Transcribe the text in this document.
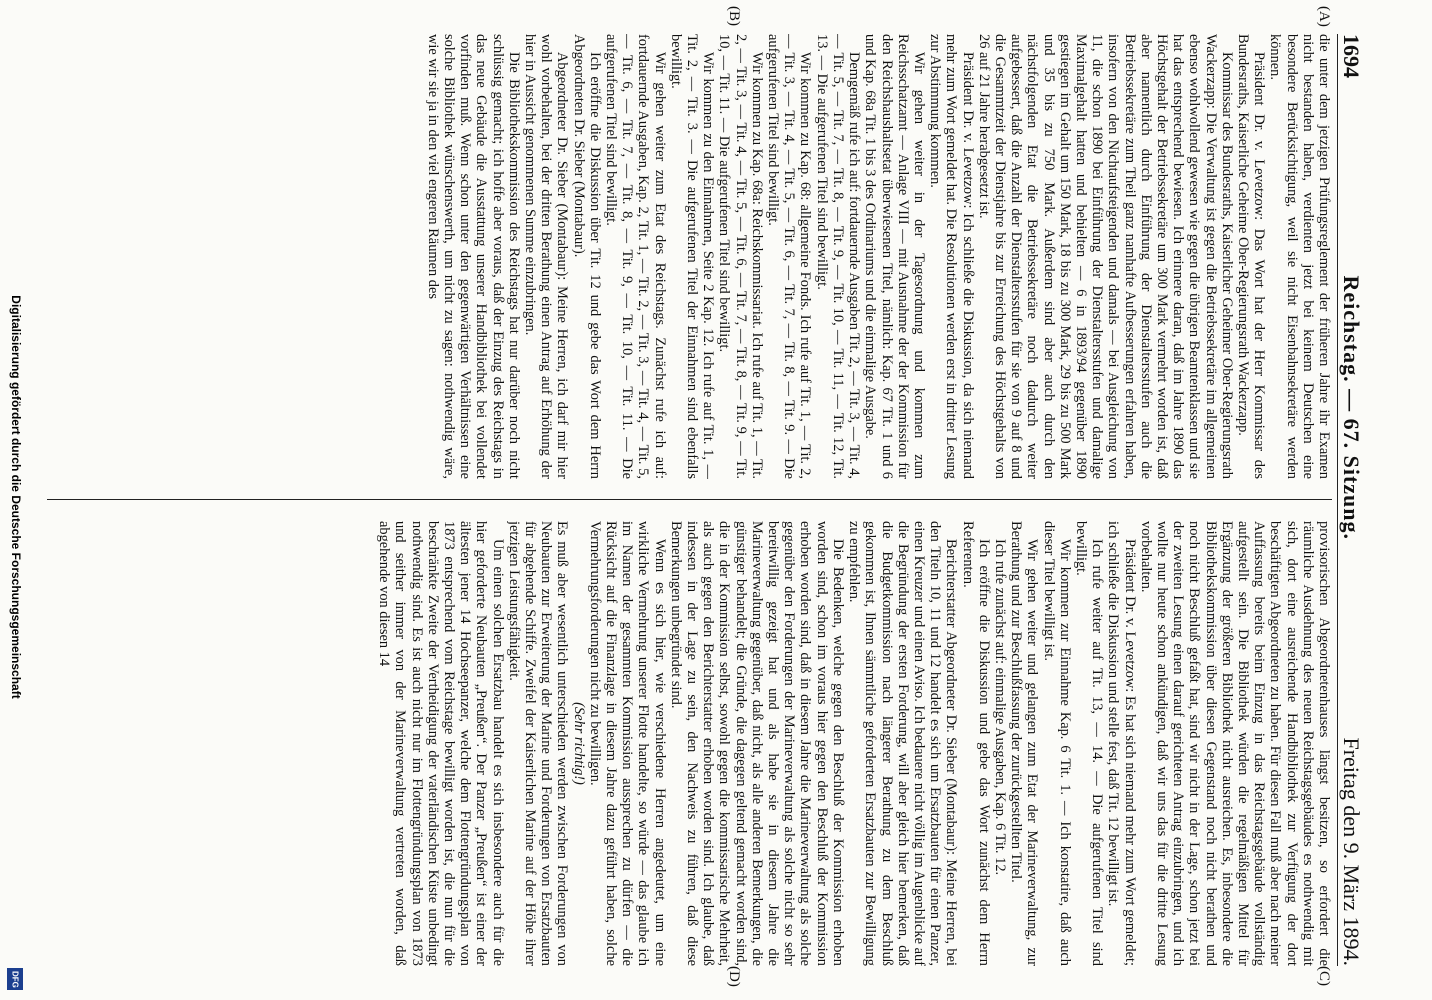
1694
Reichstag. — 67. Sitzung.
Freitag den 9. März 1894.
(A)
(B)
(C)
(D)

die unter dem jetzigen Prüfungsreglement der früheren Jahre ihr Examen nicht bestanden haben, verdienten jetzt bei keinem Deutschen eine besondere Berücksichtigung, weil sie nicht Eisenbahnsekretäre werden können.

Präsident Dr. v. Levetzow: Das Wort hat der Herr Kommissar des Bundesraths, Kaiserliche Geheime Ober-Regierungsrath Wackerzapp.

Kommissar des Bundesraths, Kaiserlicher Geheimer Ober-Regierungsrath Wackerzapp: Die Verwaltung ist gegen die Betriebssekretäre im allgemeinen ebenso wohlwollend gewesen wie gegen die übrigen Beamtenklassen und sie hat das entsprechend bewiesen. Ich erinnere daran, daß im Jahre 1890 das Höchstgehalt der Betriebssekretäre um 300 Mark vermehrt worden ist, daß aber namentlich durch Einführung der Dienstaltersstufen auch die Betriebssekretäre zum Theil ganz namhafte Aufbesserungen erfahren haben, insofern von den Nichtaufsteigenden und damals — bei Ausgleichung von 11, die schon 1890 bei Einführung der Dienstaltersstufen und damalige Maximalgehalt hatten und behielten — 6 in 1893/94 gegenüber 1890 gestiegen im Gehalt um 150 Mark, 18 bis zu 300 Mark, 29 bis zu 500 Mark und 35 bis zu 750 Mark. Außerdem sind aber auch durch den nächstfolgenden Etat die Betriebssekretäre noch dadurch weiter aufgebessert, daß die Anzahl der Dienstaltersstufen für sie von 9 auf 8 und die Gesammtzeit der Dienstjahre bis zur Erreichung des Höchstgehalts von 26 auf 21 Jahre herabgesetzt ist.

Präsident Dr. v. Levetzow: Ich schließe die Diskussion, da sich niemand mehr zum Wort gemeldet hat. Die Resolutionen werden erst in dritter Lesung zur Abstimmung kommen.

Wir gehen weiter in der Tagesordnung und kommen zum Reichsschatzamt — Anlage VIII — mit Ausnahme der der Kommission für den Reichshaushaltsetat überwiesenen Titel, nämlich: Kap. 67 Tit. 1 und 6 und Kap. 68a Tit. 1 bis 3 des Ordinariums und die einmalige Ausgabe.

Demgemäß rufe ich auf: fortdauernde Ausgaben Tit. 2, — Tit. 3, — Tit. 4, — Tit. 5, — Tit. 7, — Tit. 8, — Tit. 9, — Tit. 10, — Tit. 11, — Tit. 12, Tit. 13. — Die aufgerufenen Titel sind bewilligt.

Wir kommen zu Kap. 68: allgemeine Fonds. Ich rufe auf Tit. 1, — Tit. 2, — Tit. 3, — Tit. 4, — Tit. 5, — Tit. 6, — Tit. 7, — Tit. 8, — Tit. 9. — Die aufgerufenen Titel sind bewilligt.

Wir kommen zu Kap. 68a: Reichskommissariat. Ich rufe auf Tit. 1, — Tit. 2, — Tit. 3, — Tit. 4, — Tit. 5, — Tit. 6, — Tit. 7, — Tit. 8, — Tit. 9, — Tit. 10, — Tit. 11. — Die aufgerufenen Titel sind bewilligt.

Wir kommen zu den Einnahmen, Seite 2 Kap. 12. Ich rufe auf Tit. 1, — Tit. 2, — Tit. 3. — Die aufgerufenen Titel der Einnahmen sind ebenfalls bewilligt.

Wir gehen weiter zum Etat des Reichstags. Zunächst rufe ich auf: fortdauernde Ausgaben, Kap. 2, Tit. 1, — Tit. 2, — Tit. 3, — Tit. 4, — Tit. 5, — Tit. 6, — Tit. 7, — Tit. 8, — Tit. 9, — Tit. 10, — Tit. 11. — Die aufgerufenen Titel sind bewilligt.

Ich eröffne die Diskussion über Tit. 12 und gebe das Wort dem Herrn Abgeordneten Dr. Sieber (Montabaur).

Abgeordneter Dr. Sieber (Montabaur): Meine Herren, ich darf mir hier wohl vorbehalten, bei der dritten Berathung einen Antrag auf Erhöhung der hier in Aussicht genommenen Summe einzubringen.

Die Bibliothekskommission des Reichstags hat nur darüber noch nicht schlüssig gemacht; ich hoffe aber voraus, daß der Einzug des Reichstags in das neue Gebäude die Ausstattung unserer Handbibliothek bei vollendet vorfinden muß. Wenn schon unter den gegenwärtigen Verhältnissen eine solche Bibliothek wünschenswerth, um nicht zu sagen: nothwendig wäre, wie wir sie ja in den viel engeren Räumen des

provisorischen Abgeordnetenhauses längst besitzen, so erfordert die räumliche Ausdehnung des neuen Reichstagsgebäudes es nothwendig mit sich, dort eine ausreichende Handbibliothek zur Verfügung der dort beschäftigten Abgeordneten zu haben. Für diesen Fall muß aber nach meiner Auffassung bereits beim Einzug in das Reichstagsgebäude vollständig aufgestellt sein. Die Bibliothek würden die regelmäßigen Mittel für Ergänzung der größeren Bibliothek nicht ausreichen. Es, inbesondere die Bibliothekskommission über diesen Gegenstand noch nicht berathen und noch nicht Beschluß gefaßt hat, sind wir nicht in der Lage, schon jetzt bei der zweiten Lesung einen darauf gerichteten Antrag einzubringen, und ich wollte nur heute schon ankündigen, daß wir uns das für die dritte Lesung vorbehalten.

Präsident Dr. v. Levetzow: Es hat sich niemand mehr zum Wort gemeldet; ich schließe die Diskussion und stelle fest, daß Tit. 12 bewilligt ist.

Ich rufe weiter auf Tit. 13, — 14. — Die aufgerufenen Titel sind bewilligt.

Wir kommen zur Einnahme Kap. 6 Tit. 1. — Ich konstatire, daß auch dieser Titel bewilligt ist.

Wir gehen weiter und gelangen zum Etat der Marineverwaltung, zur Berathung und zur Beschlußfassung der zurückgestellten Titel.

Ich rufe zunächst auf: einmalige Ausgaben, Kap. 6 Tit. 12.

Ich eröffne die Diskussion und gebe das Wort zunächst dem Herrn Referenten.

Berichterstatter Abgeordneter Dr. Sieber (Montabaur): Meine Herren, bei den Titeln 10, 11 und 12 handelt es sich um Ersatzbauten für einen Panzer, einen Kreuzer und einen Aviso. Ich bedauere nicht völlig im Augenblicke auf die Begründung der ersten Forderung, will aber gleich hier bemerken, daß die Budgetkommission nach längerer Berathung zu dem Beschluß gekommen ist, Ihnen sämmtliche geforderten Ersatzbauten zur Bewilligung zu empfehlen.

Die Bedenken, welche gegen den Beschluß der Kommission erhoben worden sind, schon im voraus hier gegen den Beschluß der Kommission erhoben worden sind, daß in diesem Jahre die Marineverwaltung als solche gegenüber den Forderungen der Marineverwaltung als solche nicht so sehr bereitwillig gezeigt hat und als habe sie in diesem Jahre die Marineverwaltung gegenüber, daß nicht, als alle anderen Bemerkungen, die günstiger behandelt; die Gründe, die dagegen geltend gemacht worden sind, die in der Kommission selbst, sowohl gegen die kommissarische Mehrheit, als auch gegen den Berichterstatter erhoben worden sind. Ich glaube, daß indessen in der Lage zu sein, den Nachweis zu führen, daß diese Bemerkungen unbegründet sind.

Wenn es sich hier, wie verschiedene Herren angedeutet, um eine wirkliche Vermehrung unserer Flotte handelte, so würde — das glaube ich im Namen der gesammten Kommission aussprechen zu dürfen — die Rücksicht auf die Finanzlage in diesem Jahre dazu geführt haben, solche Vermehrungsforderungen nicht zu bewilligen.

(Sehr richtig!)

Es muß aber wesentlich unterschieden werden zwischen Forderungen von Neubauten zur Erweiterung der Marine und Forderungen von Ersatzbauten für abgehende Schiffe. Zweifel der Kaiserlichen Marine auf der Höhe ihrer jetzigen Leistungsfähigkeit.

Um einen solchen Ersatzbau handelt es sich insbesondere auch für die hier geforderte Neubauten „Preußen“. Der Panzer „Preußen“ ist einer der ältesten jener 14 Hochseepanzer, welche dem Flottengründungsplan von 1873 entsprechend vom Reichstage bewilligt worden ist, die nun für die beschränkte Zweite der Vertheidigung der vaterländischen Küste unbedingt nothwendig sind. Es ist auch nicht nur im Flottengründungsplan von 1873 und seither immer von der Marineverwaltung vertreten worden, daß abgehende von diesen 14

Digitalisierung gefördert durch die Deutsche Forschungsgemeinschaft
DFG
